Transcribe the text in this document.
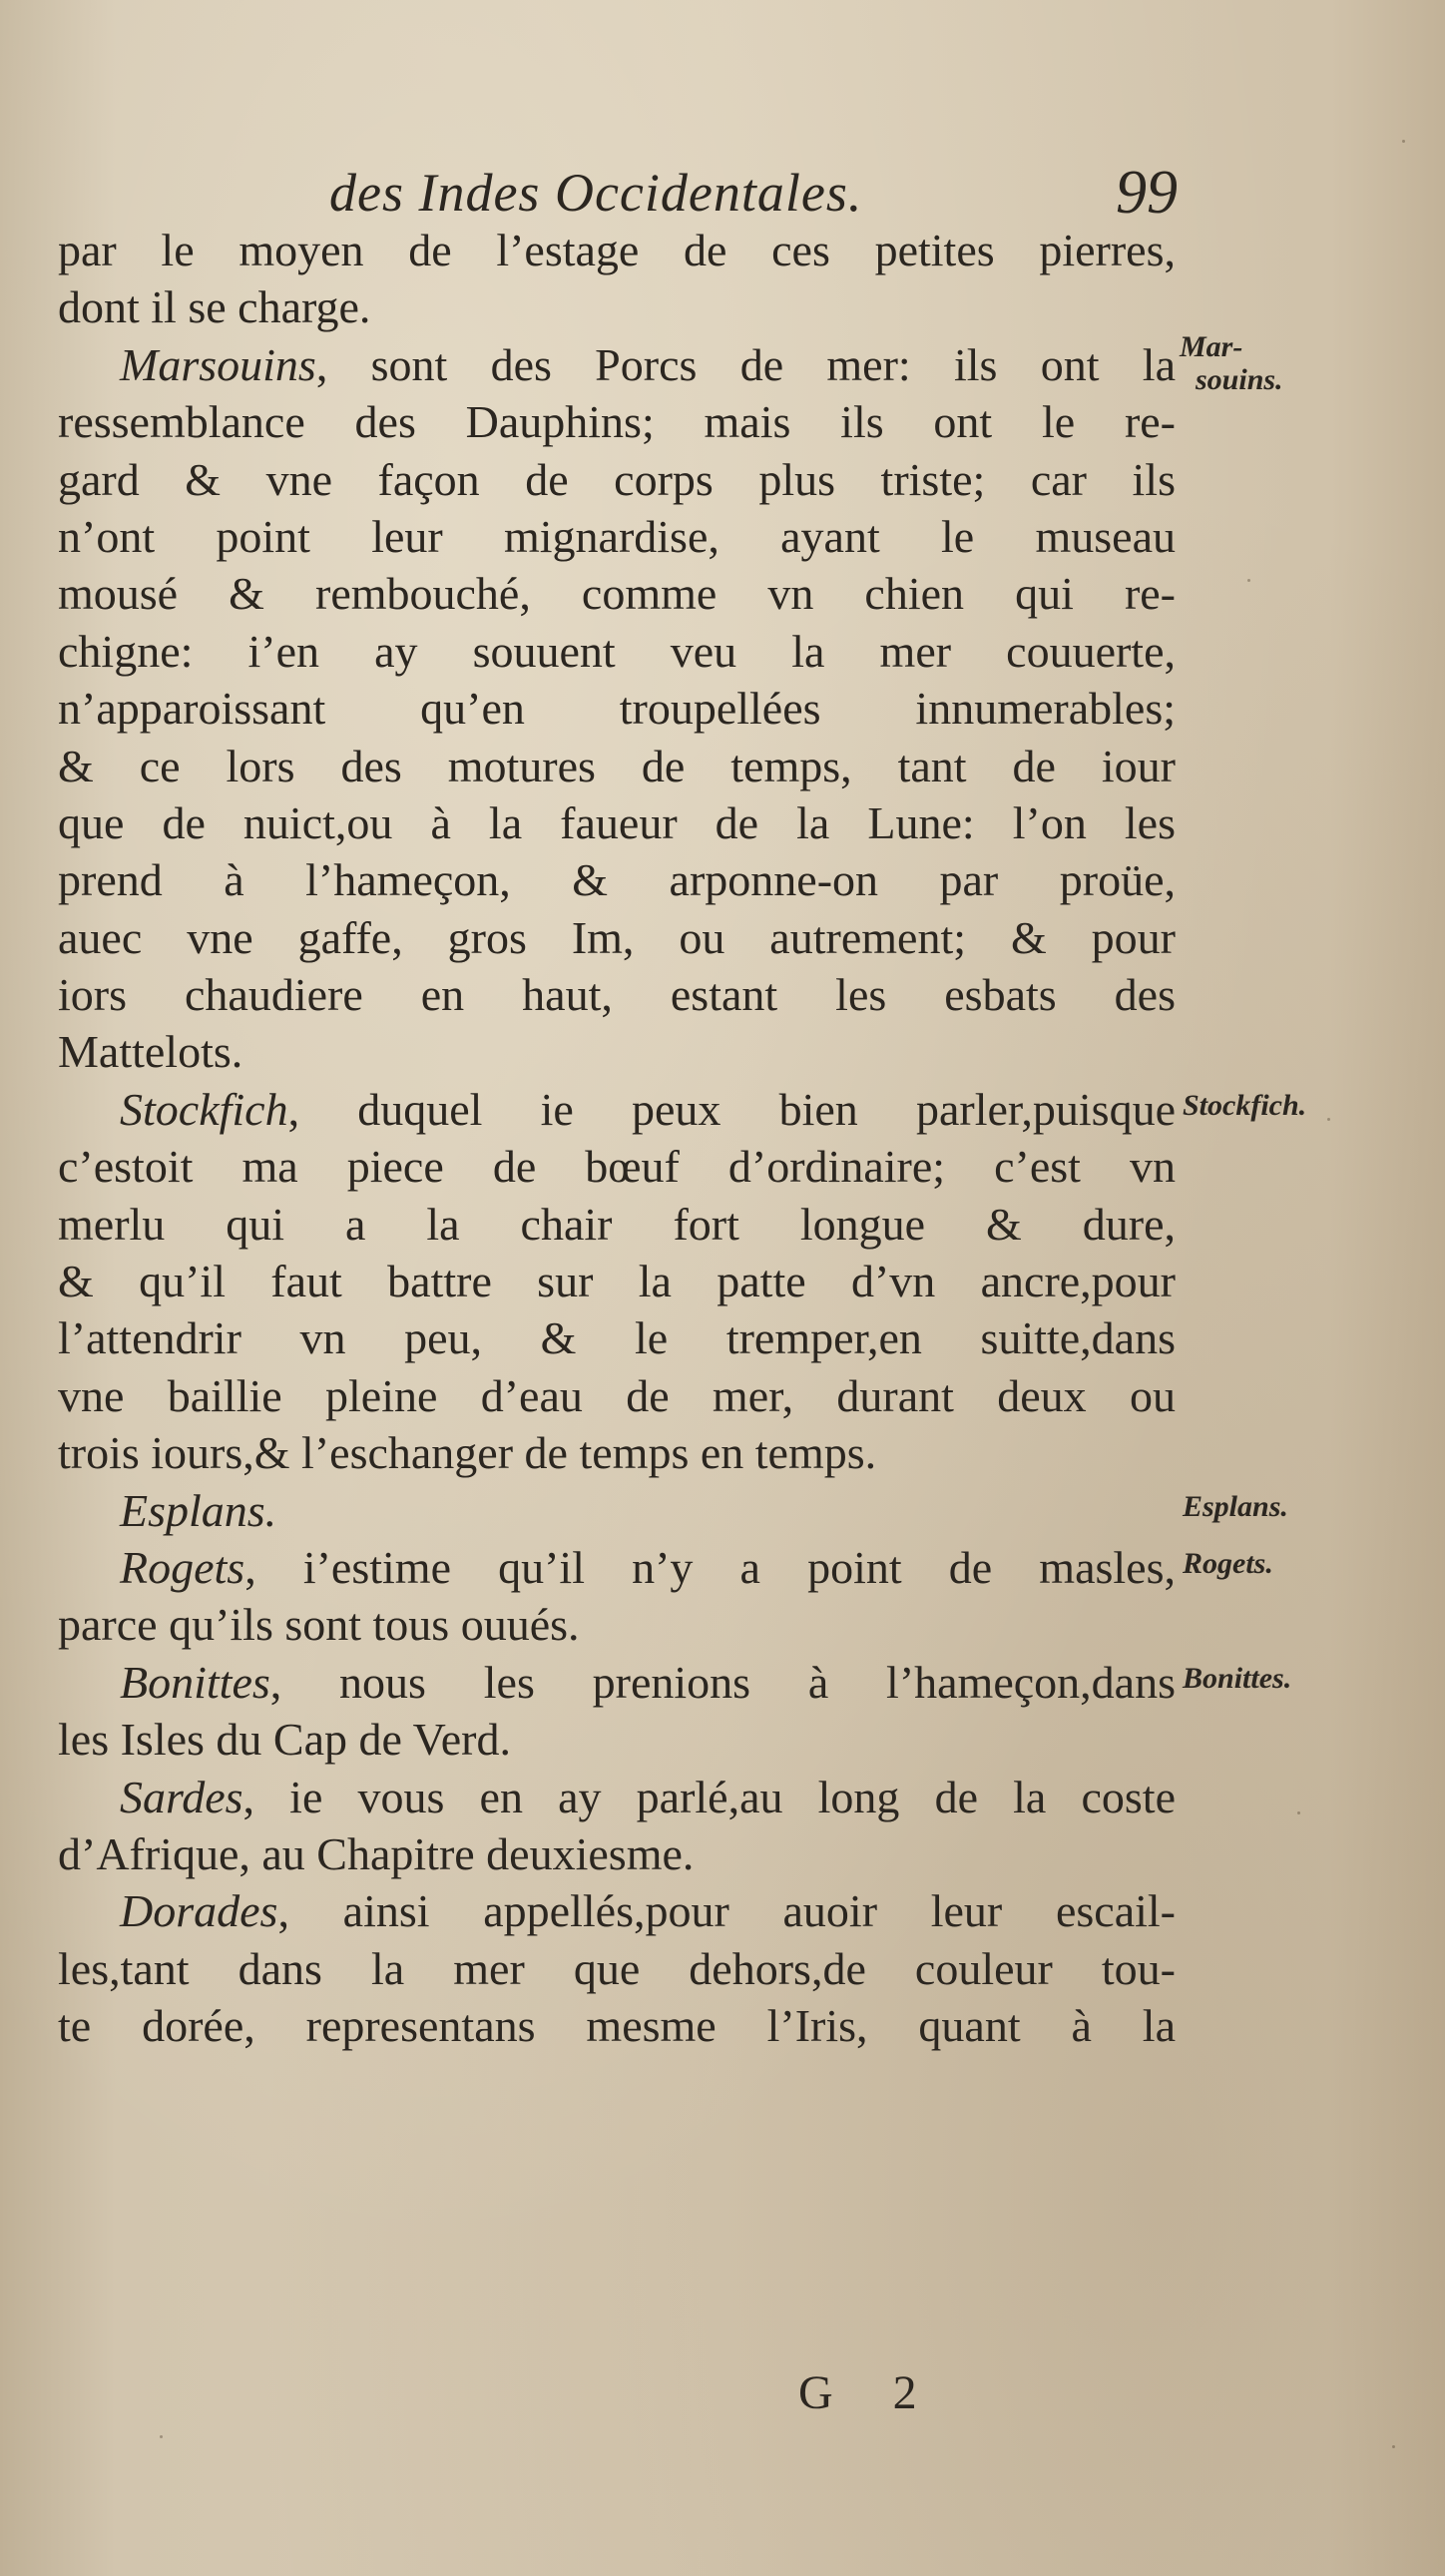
des Indes Occidentales.	99
par le moyen de l’estage de ces petites pierres,
dont il se charge.
Marsouins, sont des Porcs de mer: ils ont la
ressemblance des Dauphins; mais ils ont le re-
gard & vne façon de corps plus triste; car ils
n’ont point leur mignardise, ayant le museau
mousé & rembouché, comme vn chien qui re-
chigne: i’en ay souuent veu la mer couuerte,
n’apparoissant qu’en troupellées innumerables;
& ce lors des motures de temps, tant de iour
que de nuict,ou à la faueur de la Lune: l’on les
prend à l’hameçon, & arponne-on par proüe,
auec vne gaffe, gros Im, ou autrement; & pour
iors chaudiere en haut, estant les esbats des
Mattelots.
Stockfich, duquel ie peux bien parler,puisque
c’estoit ma piece de bœuf d’ordinaire; c’est vn
merlu qui a la chair fort longue & dure,
& qu’il faut battre sur la patte d’vn ancre,pour
l’attendrir vn peu, & le tremper,en suitte,dans
vne baillie pleine d’eau de mer, durant deux ou
trois iours,& l’eschanger de temps en temps.
Esplans.
Rogets, i’estime qu’il n’y a point de masles,
parce qu’ils sont tous ouués.
Bonittes, nous les prenions à l’hameçon,dans
les Isles du Cap de Verd.
Sardes, ie vous en ay parlé,au long de la coste
d’Afrique, au Chapitre deuxiesme.
Dorades, ainsi appellés,pour auoir leur escail-
les,tant dans la mer que dehors,de couleur tou-
te dorée, representans mesme l’Iris, quant à la
Mar-
souins.
Stockfich.
Esplans.
Rogets.
Bonittes.
G 2
